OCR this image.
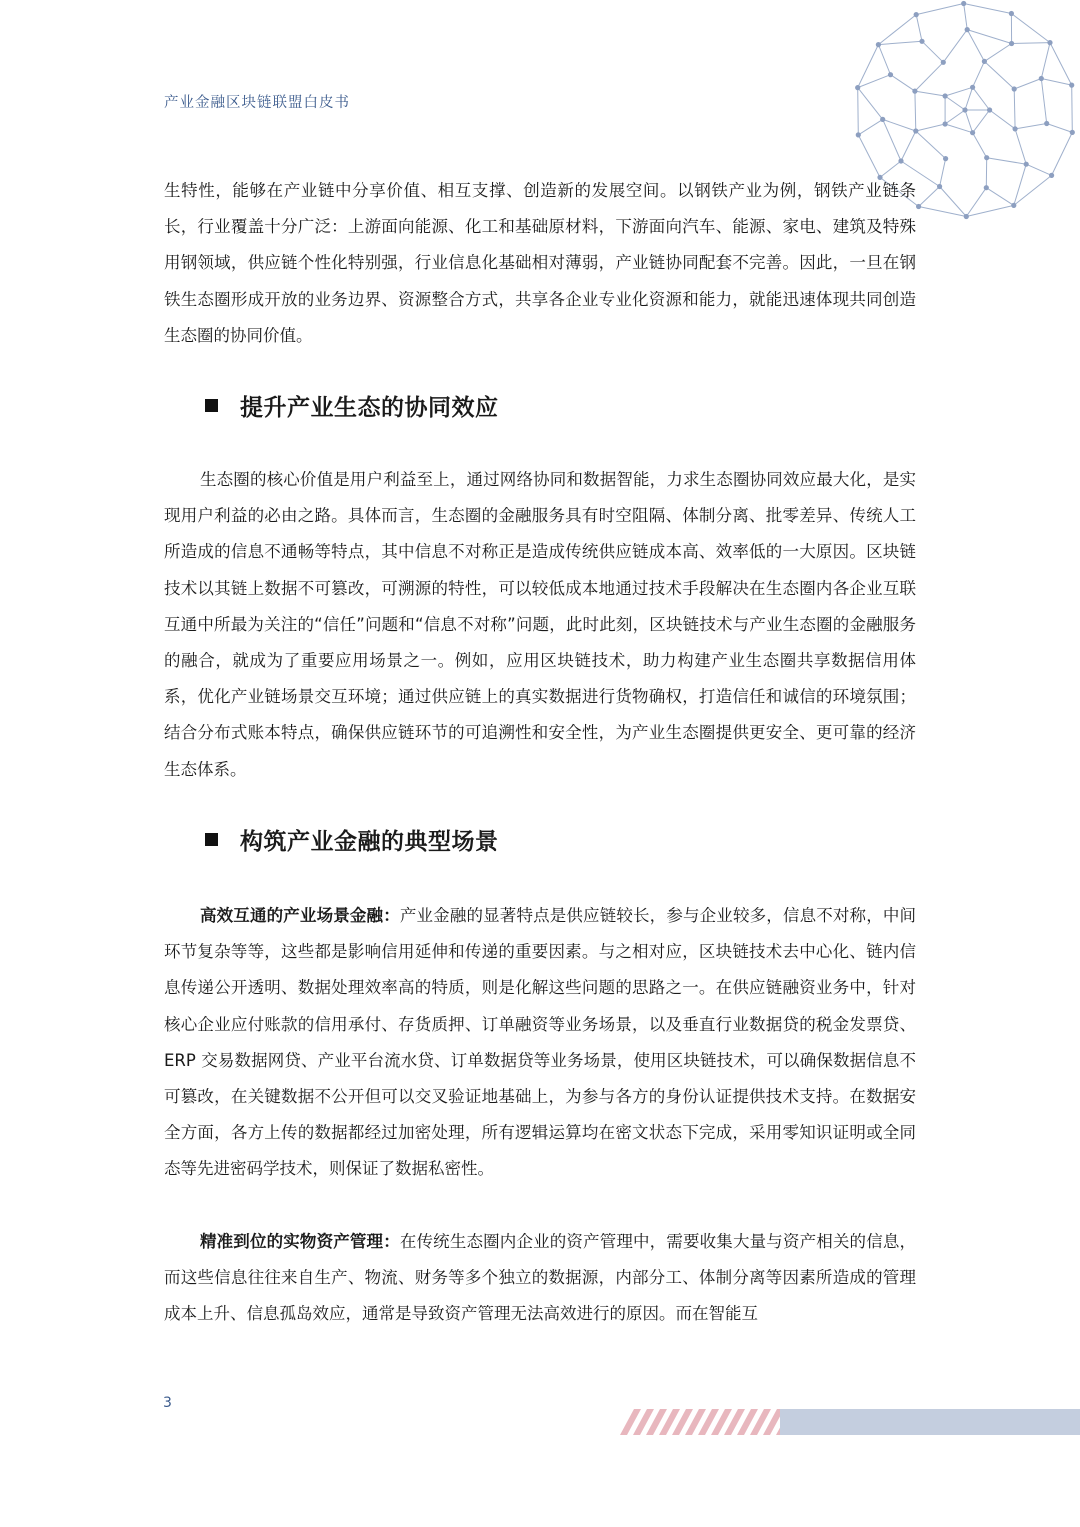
产业金融区块链联盟白皮书

生特性，能够在产业链中分享价值、相互支撑、创造新的发展空间。以钢铁产业为例，钢铁产业链条长，行业覆盖十分广泛：上游面向能源、化工和基础原材料，下游面向汽车、能源、家电、建筑及特殊用钢领域，供应链个性化特别强，行业信息化基础相对薄弱，产业链协同配套不完善。因此，一旦在钢铁生态圈形成开放的业务边界、资源整合方式，共享各企业专业化资源和能力，就能迅速体现共同创造生态圈的协同价值。

提升产业生态的协同效应

生态圈的核心价值是用户利益至上，通过网络协同和数据智能，力求生态圈协同效应最大化，是实现用户利益的必由之路。具体而言，生态圈的金融服务具有时空阻隔、体制分离、批零差异、传统人工所造成的信息不通畅等特点，其中信息不对称正是造成传统供应链成本高、效率低的一大原因。区块链技术以其链上数据不可篡改，可溯源的特性，可以较低成本地通过技术手段解决在生态圈内各企业互联互通中所最为关注的“信任”问题和“信息不对称”问题，此时此刻，区块链技术与产业生态圈的金融服务的融合，就成为了重要应用场景之一。例如，应用区块链技术，助力构建产业生态圈共享数据信用体系，优化产业链场景交互环境；通过供应链上的真实数据进行货物确权，打造信任和诚信的环境氛围；结合分布式账本特点，确保供应链环节的可追溯性和安全性，为产业生态圈提供更安全、更可靠的经济生态体系。

构筑产业金融的典型场景

高效互通的产业场景金融：产业金融的显著特点是供应链较长，参与企业较多，信息不对称，中间环节复杂等等，这些都是影响信用延伸和传递的重要因素。与之相对应，区块链技术去中心化、链内信息传递公开透明、数据处理效率高的特质，则是化解这些问题的思路之一。在供应链融资业务中，针对核心企业应付账款的信用承付、存货质押、订单融资等业务场景，以及垂直行业数据贷的税金发票贷、ERP 交易数据网贷、产业平台流水贷、订单数据贷等业务场景，使用区块链技术，可以确保数据信息不可篡改，在关键数据不公开但可以交叉验证地基础上，为参与各方的身份认证提供技术支持。在数据安全方面，各方上传的数据都经过加密处理，所有逻辑运算均在密文状态下完成，采用零知识证明或全同态等先进密码学技术，则保证了数据私密性。

精准到位的实物资产管理：在传统生态圈内企业的资产管理中，需要收集大量与资产相关的信息，而这些信息往往来自生产、物流、财务等多个独立的数据源，内部分工、体制分离等因素所造成的管理成本上升、信息孤岛效应，通常是导致资产管理无法高效进行的原因。而在智能互

3
